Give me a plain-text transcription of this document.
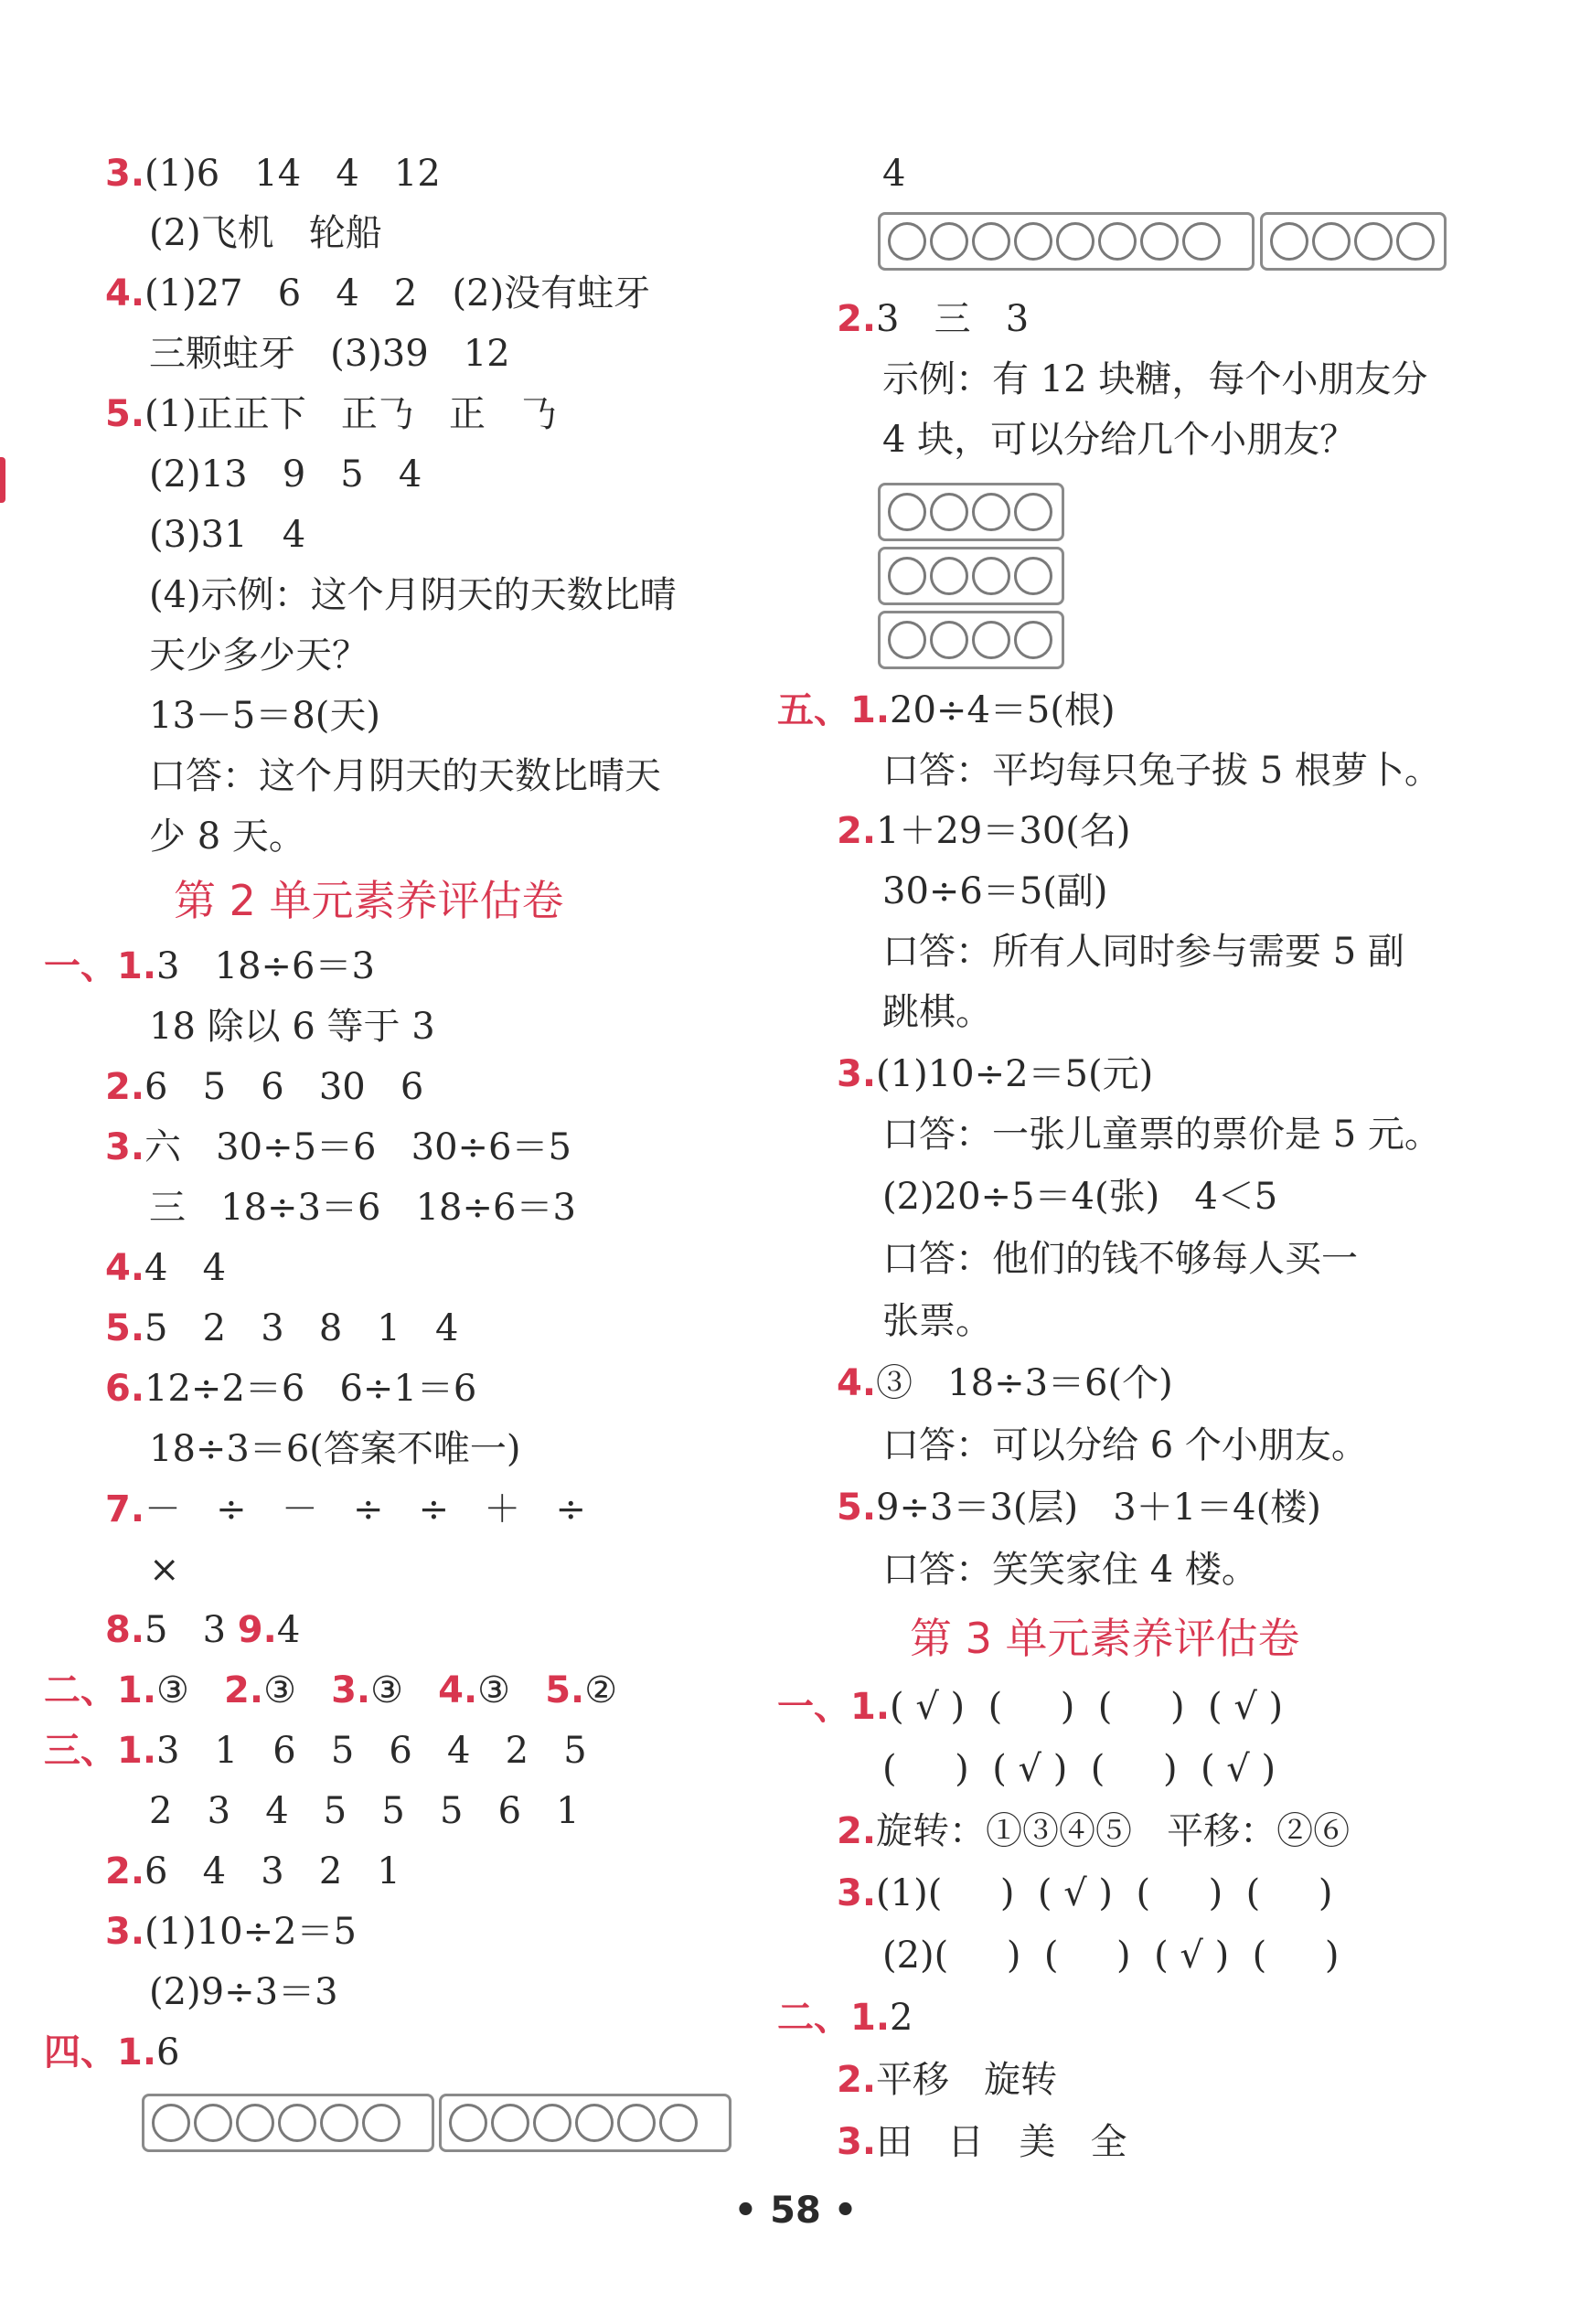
3.(1)6   14   4   12
(2)飞机   轮船
4.(1)27   6   4   2   (2)没有蛀牙
三颗蛀牙   (3)39   12
5.(1)正正下   正𠄎   正   𠄎
(2)13   9   5   4
(3)31   4
(4)示例：这个月阴天的天数比晴
天少多少天？
13－5＝8(天)
口答：这个月阴天的天数比晴天
少 8 天。
第 2 单元素养评估卷
一、1.3   18÷6＝3
18 除以 6 等于 3
2.6   5   6   30   6
3.六   30÷5＝6   30÷6＝5
三   18÷3＝6   18÷6＝3
4.4   4
5.5   2   3   8   1   4
6.12÷2＝6   6÷1＝6
18÷3＝6(答案不唯一)
7.－   ÷   －   ÷   ÷   ＋   ÷
×
8.5   3 9.4
二、1.③ 2.③ 3.③ 4.③ 5.②
三、1.3   1   6   5   6   4   2   5
2   3   4   5   5   5   6   1
2.6   4   3   2   1
3.(1)10÷2＝5
(2)9÷3＝3
四、1.6
4
2.3   三   3
示例：有 12 块糖，每个小朋友分
4 块，可以分给几个小朋友？
五、1.20÷4＝5(根)
口答：平均每只兔子拔 5 根萝卜。
2.1＋29＝30(名)
30÷6＝5(副)
口答：所有人同时参与需要 5 副
跳棋。
3.(1)10÷2＝5(元)
口答：一张儿童票的票价是 5 元。
(2)20÷5＝4(张)   4＜5
口答：他们的钱不够每人买一
张票。
4.③   18÷3＝6(个)
口答：可以分给 6 个小朋友。
5.9÷3＝3(层)   3＋1＝4(楼)
口答：笑笑家住 4 楼。
第 3 单元素养评估卷
一、1.( √ )  (     )  (     )  ( √ )
(     )  ( √ )  (     )  ( √ )
2.旋转：①③④⑤   平移：②⑥
3.(1)(     )  ( √ )  (     )  (     )
(2)(     )  (     )  ( √ )  (     )
二、1.2
2.平移   旋转
3.田   日   美   全
• 58 •
